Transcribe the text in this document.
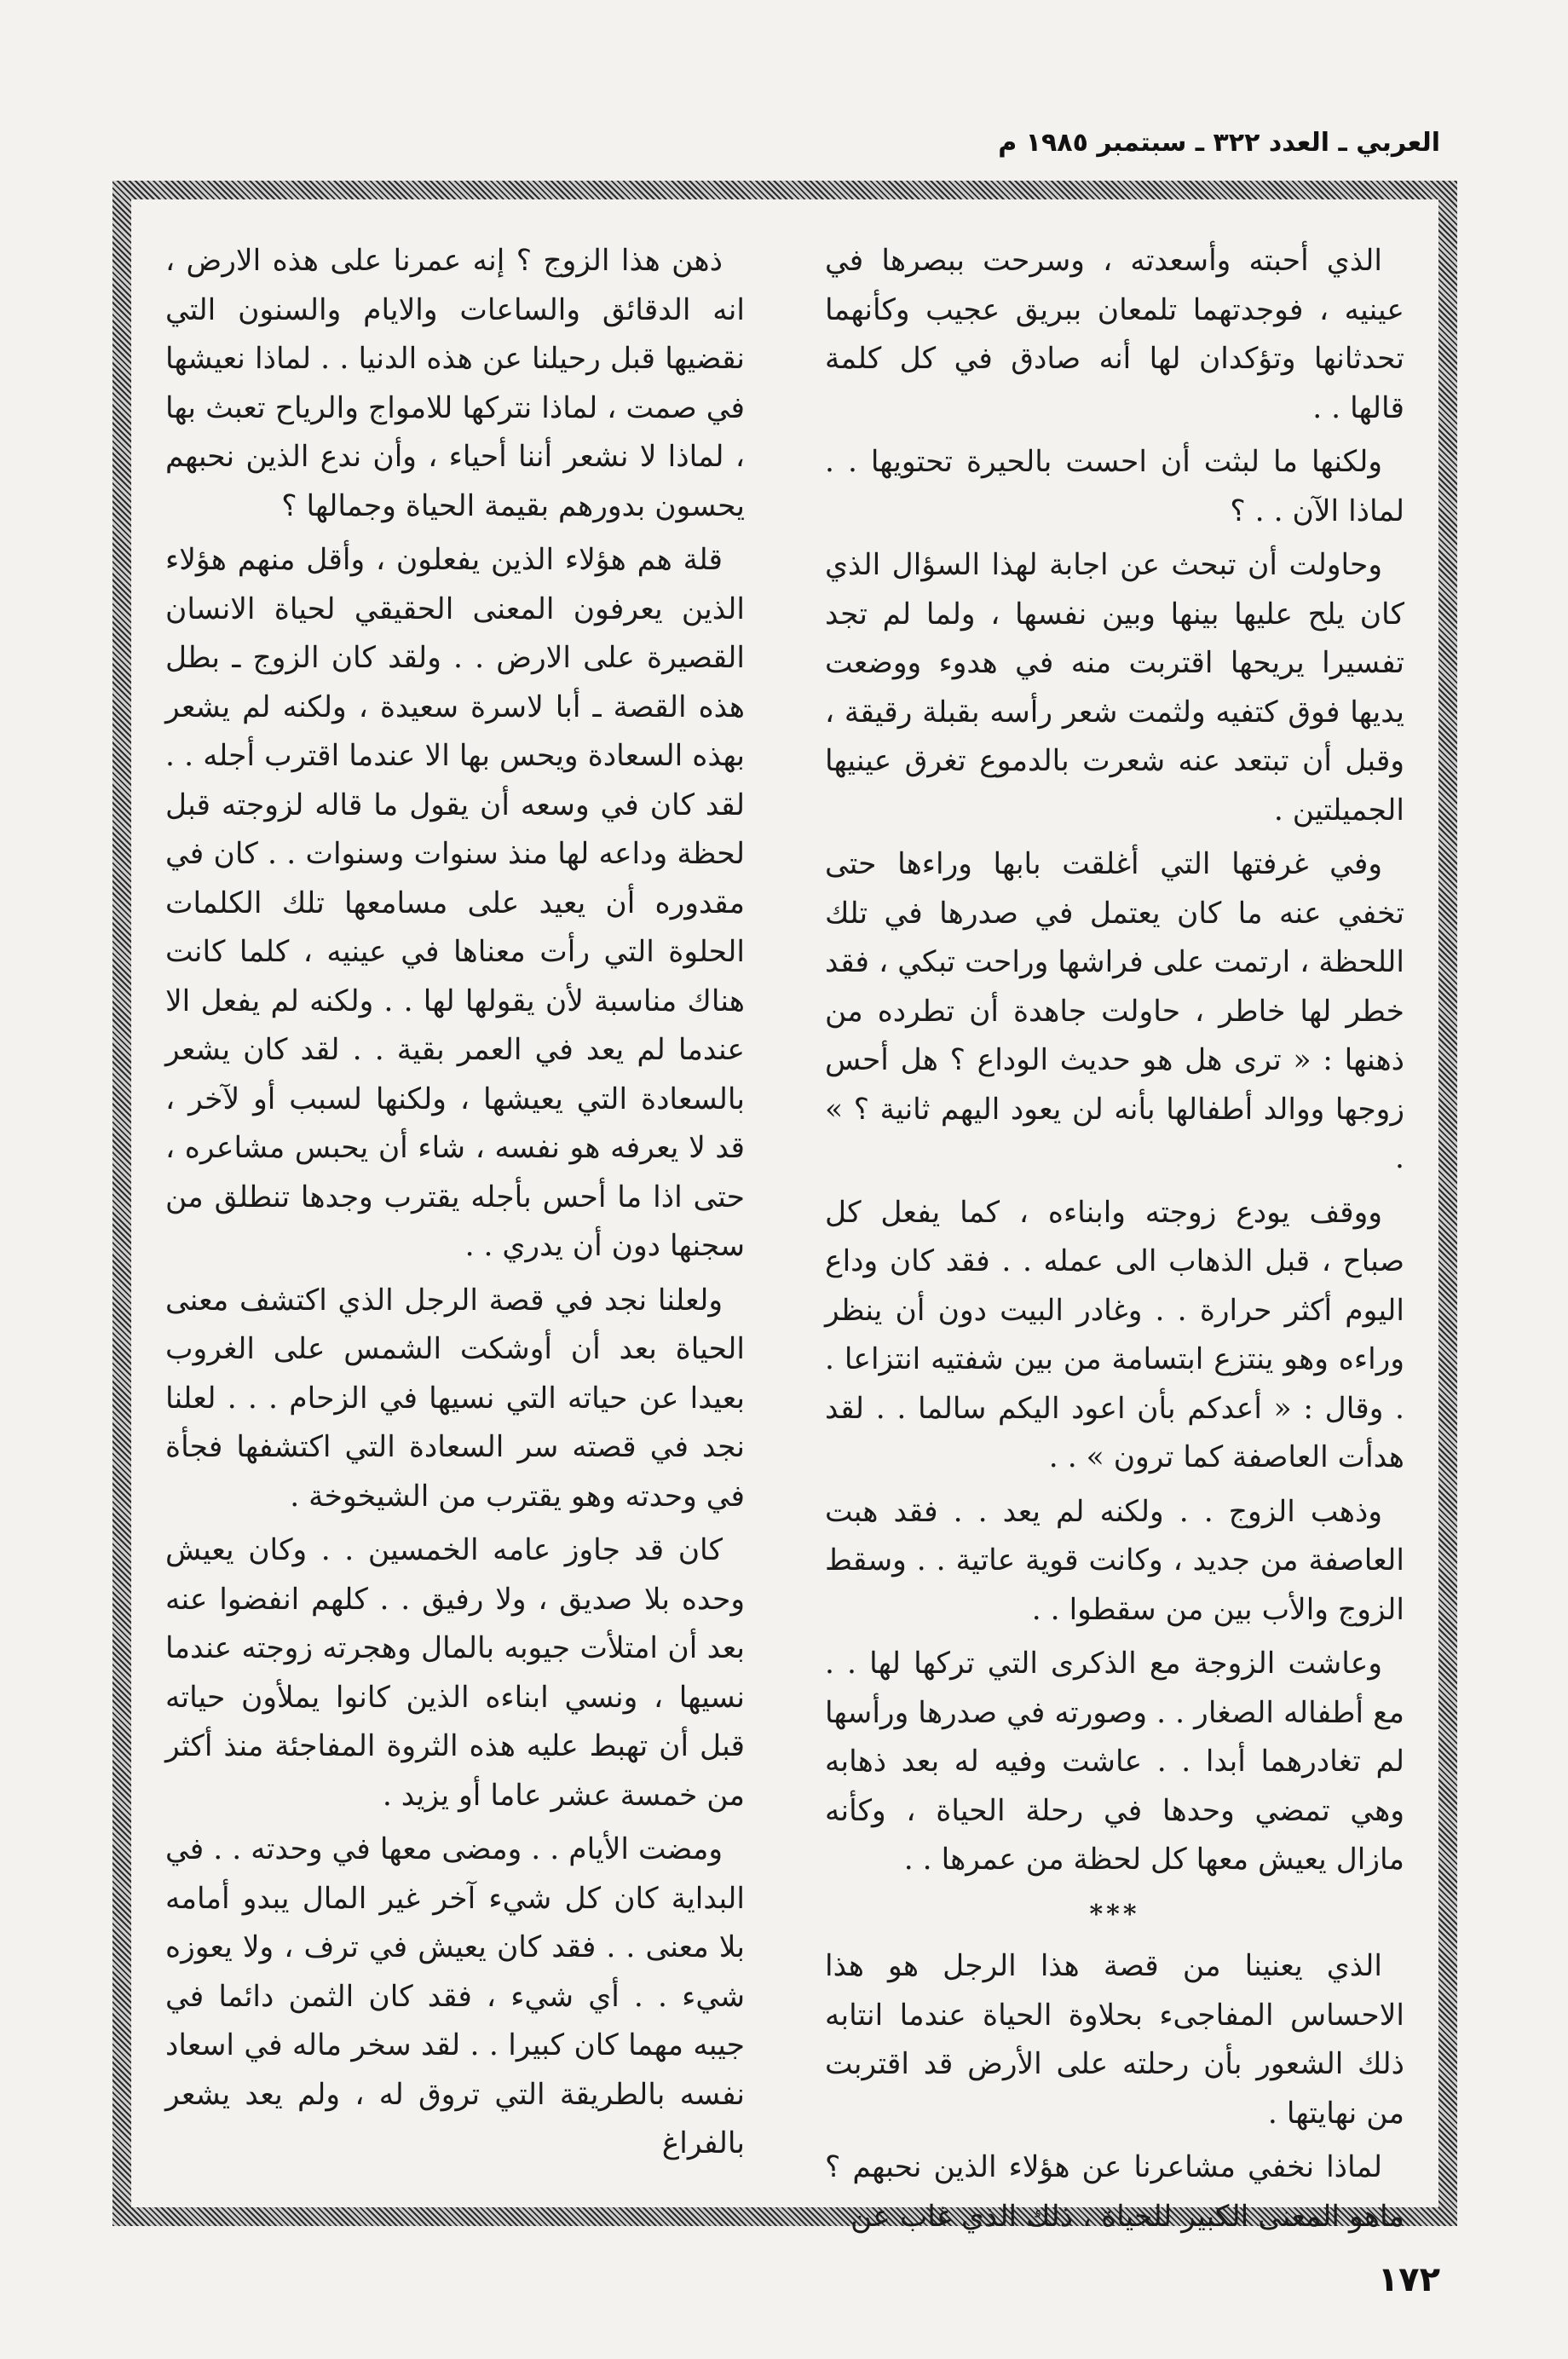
العربي ـ العدد ٣٢٢ ـ سبتمبر ١٩٨٥ م

الذي أحبته وأسعدته ، وسرحت ببصرها في عينيه ، فوجدتهما تلمعان ببريق عجيب وكأنهما تحدثانها وتؤكدان لها أنه صادق في كل كلمة قالها . .

ولكنها ما لبثت أن احست بالحيرة تحتويها . . لماذا الآن . . ؟

وحاولت أن تبحث عن اجابة لهذا السؤال الذي كان يلح عليها بينها وبين نفسها ، ولما لم تجد تفسيرا يريحها اقتربت منه في هدوء ووضعت يديها فوق كتفيه ولثمت شعر رأسه بقبلة رقيقة ، وقبل أن تبتعد عنه شعرت بالدموع تغرق عينيها الجميلتين .

وفي غرفتها التي أغلقت بابها وراءها حتى تخفي عنه ما كان يعتمل في صدرها في تلك اللحظة ، ارتمت على فراشها وراحت تبكي ، فقد خطر لها خاطر ، حاولت جاهدة أن تطرده من ذهنها : « ترى هل هو حديث الوداع ؟ هل أحس زوجها ووالد أطفالها بأنه لن يعود اليهم ثانية ؟ » .

ووقف يودع زوجته وابناءه ، كما يفعل كل صباح ، قبل الذهاب الى عمله . . فقد كان وداع اليوم أكثر حرارة . . وغادر البيت دون أن ينظر وراءه وهو ينتزع ابتسامة من بين شفتيه انتزاعا . . وقال : « أعدكم بأن اعود اليكم سالما . . لقد هدأت العاصفة كما ترون » . .

وذهب الزوج . . ولكنه لم يعد . . فقد هبت العاصفة من جديد ، وكانت قوية عاتية . . وسقط الزوج والأب بين من سقطوا . .

وعاشت الزوجة مع الذكرى التي تركها لها . . مع أطفاله الصغار . . وصورته في صدرها ورأسها لم تغادرهما أبدا . . عاشت وفيه له بعد ذهابه وهي تمضي وحدها في رحلة الحياة ، وكأنه مازال يعيش معها كل لحظة من عمرها . .

***

الذي يعنينا من قصة هذا الرجل هو هذا الاحساس المفاجىء بحلاوة الحياة عندما انتابه ذلك الشعور بأن رحلته على الأرض قد اقتربت من نهايتها .

لماذا نخفي مشاعرنا عن هؤلاء الذين نحبهم ؟ ماهو المعنى الكبير للحياة ، ذلك الذي غاب عن

ذهن هذا الزوج ؟ إنه عمرنا على هذه الارض ، انه الدقائق والساعات والايام والسنون التي نقضيها قبل رحيلنا عن هذه الدنيا . . لماذا نعيشها في صمت ، لماذا نتركها للامواج والرياح تعبث بها ، لماذا لا نشعر أننا أحياء ، وأن ندع الذين نحبهم يحسون بدورهم بقيمة الحياة وجمالها ؟

قلة هم هؤلاء الذين يفعلون ، وأقل منهم هؤلاء الذين يعرفون المعنى الحقيقي لحياة الانسان القصيرة على الارض . . ولقد كان الزوج ـ بطل هذه القصة ـ أبا لاسرة سعيدة ، ولكنه لم يشعر بهذه السعادة ويحس بها الا عندما اقترب أجله . . لقد كان في وسعه أن يقول ما قاله لزوجته قبل لحظة وداعه لها منذ سنوات وسنوات . . كان في مقدوره أن يعيد على مسامعها تلك الكلمات الحلوة التي رأت معناها في عينيه ، كلما كانت هناك مناسبة لأن يقولها لها . . ولكنه لم يفعل الا عندما لم يعد في العمر بقية . . لقد كان يشعر بالسعادة التي يعيشها ، ولكنها لسبب أو لآخر ، قد لا يعرفه هو نفسه ، شاء أن يحبس مشاعره ، حتى اذا ما أحس بأجله يقترب وجدها تنطلق من سجنها دون أن يدري . .

ولعلنا نجد في قصة الرجل الذي اكتشف معنى الحياة بعد أن أوشكت الشمس على الغروب بعيدا عن حياته التي نسيها في الزحام . . . لعلنا نجد في قصته سر السعادة التي اكتشفها فجأة في وحدته وهو يقترب من الشيخوخة .

كان قد جاوز عامه الخمسين . . وكان يعيش وحده بلا صديق ، ولا رفيق . . كلهم انفضوا عنه بعد أن امتلأت جيوبه بالمال وهجرته زوجته عندما نسيها ، ونسي ابناءه الذين كانوا يملأون حياته قبل أن تهبط عليه هذه الثروة المفاجئة منذ أكثر من خمسة عشر عاما أو يزيد .

ومضت الأيام . . ومضى معها في وحدته . . في البداية كان كل شيء آخر غير المال يبدو أمامه بلا معنى . . فقد كان يعيش في ترف ، ولا يعوزه شيء . . أي شيء ، فقد كان الثمن دائما في جيبه مهما كان كبيرا . . لقد سخر ماله في اسعاد نفسه بالطريقة التي تروق له ، ولم يعد يشعر بالفراغ

١٧٢
